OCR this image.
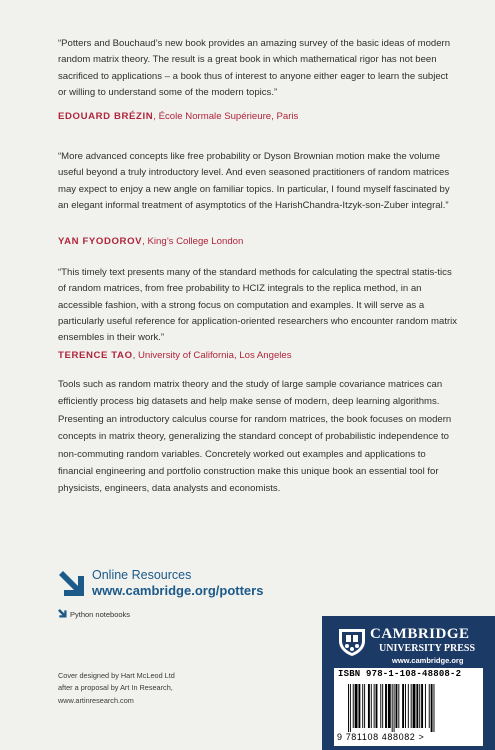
“Potters and Bouchaud’s new book provides an amazing survey of the basic ideas of modern random matrix theory. The result is a great book in which mathematical rigor has not been sacrificed to applications – a book thus of interest to anyone either eager to learn the subject or willing to understand some of the modern topics.”

EDOUARD BRÉZIN, École Normale Supérieure, Paris

“More advanced concepts like free probability or Dyson Brownian motion make the volume useful beyond a truly introductory level. And even seasoned practitioners of random matrices may expect to enjoy a new angle on familiar topics. In particular, I found myself fascinated by an elegant informal treatment of asymptotics of the HarishChandra-Itzyk-son-Zuber integral.”

YAN FYODOROV, King’s College London

“This timely text presents many of the standard methods for calculating the spectral statis-tics of random matrices, from free probability to HCIZ integrals to the replica method, in an accessible fashion, with a strong focus on computation and examples. It will serve as a particularly useful reference for application-oriented researchers who encounter random matrix ensembles in their work.”

TERENCE TAO, University of California, Los Angeles

Tools such as random matrix theory and the study of large sample covariance matrices can efficiently process big datasets and help make sense of modern, deep learning algorithms. Presenting an introductory calculus course for random matrices, the book focuses on modern concepts in matrix theory, generalizing the standard concept of probabilistic independence to non-commuting random variables. Concretely worked out examples and applications to financial engineering and portfolio construction make this unique book an essential tool for physicists, engineers, data analysts and economists.

Online Resources
www.cambridge.org/potters
Python notebooks
Cover designed by Hart McLeod Ltd
after a proposal by Art In Research,
www.artinresearch.com
CAMBRIDGE
UNIVERSITY PRESS
www.cambridge.org
ISBN 978-1-108-48808-2
9 781108 488082 >
